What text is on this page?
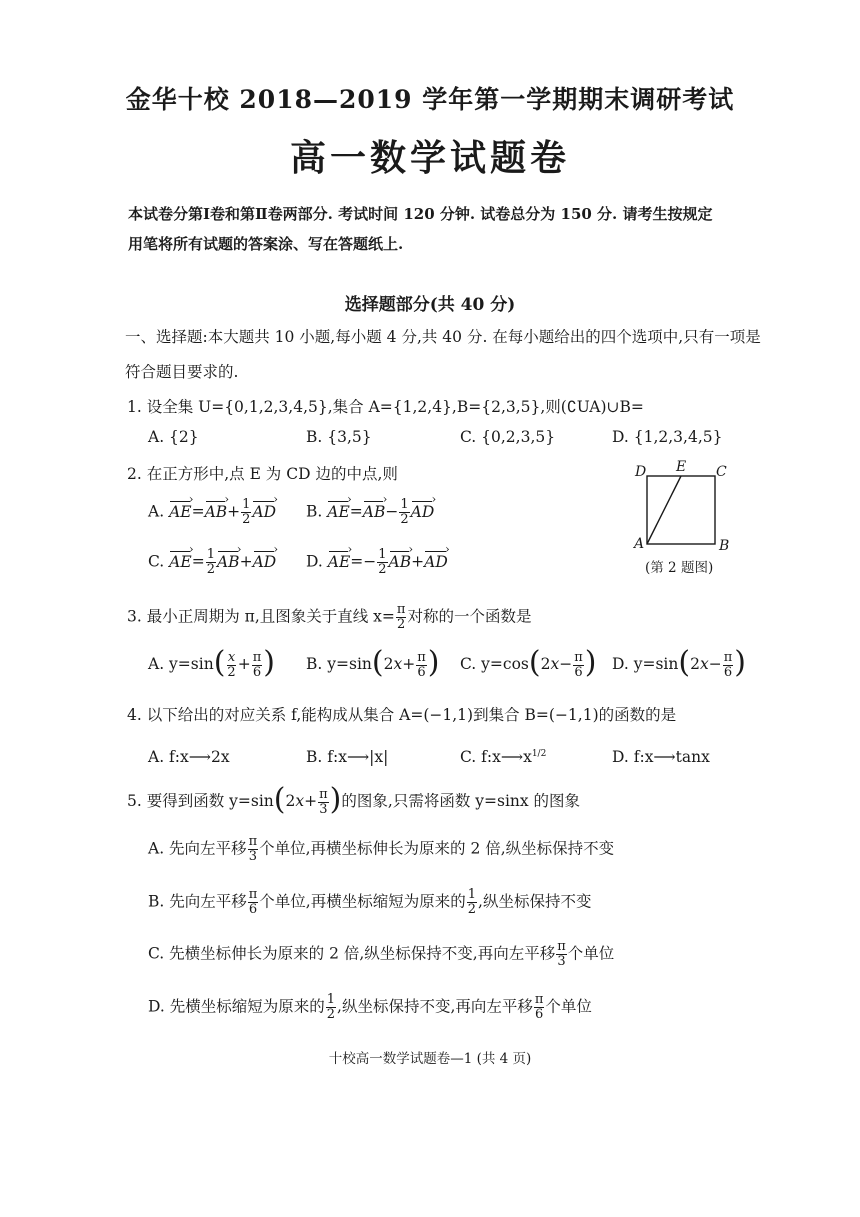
金华十校 2018—2019 学年第一学期期末调研考试
高一数学试题卷
本试卷分第Ⅰ卷和第Ⅱ卷两部分. 考试时间 120 分钟. 试卷总分为 150 分. 请考生按规定
用笔将所有试题的答案涂、写在答题纸上.
选择题部分(共 40 分)
一、选择题:本大题共 10 小题,每小题 4 分,共 40 分. 在每小题给出的四个选项中,只有一项是
符合题目要求的.
1. 设全集 U={0,1,2,3,4,5},集合 A={1,2,4},B={2,3,5},则(∁UA)∪B=
A. {2}	B. {3,5}	C. {0,2,3,5}	D. {1,2,3,4,5}
2. 在正方形中,点 E 为 CD 边的中点,则
A. AE ›=AB ›+ $\frac{1}{2}$ AD › B. AE ›=AB ›− $\frac{1}{2}$ AD ›
C. AE ›= $\frac{1}{2}$ AB ›+AD › D. AE ›=− $\frac{1}{2}$ AB ›+AD ›
D E C
A	B
(第 2 题图)
3. 最小正周期为 π,且图象关于直线 $x= \frac{\pi}{2}$ 对称的一个函数是
A. $y=\sin( \frac{x}{2} + \frac{\pi}{6}$ ) B. $y=\sin(2x+ \frac{\pi}{6}$ ) C. $y=\cos(2x- \frac{\pi}{6}$ ) D. $y=\sin(2x- \frac{\pi}{6}$ )
4. 以下给出的对应关系 f,能构成从集合 A=(−1,1)到集合 B=(−1,1)的函数的是
A. f:x⟶2x	B. f:x⟶|x|	C. $f:x⟶x^{1/2}$	D. f:x⟶tanx
5. 要得到函数 $y=\sin(2x+ \frac{\pi}{3}$ )的图象,只需将函数 y=sinx 的图象
A. 先向左平移 $\frac{\pi}{3}$ 个单位,再横坐标伸长为原来的 2 倍,纵坐标保持不变
B. 先向左平移 $\frac{\pi}{6}$ 个单位,再横坐标缩短为原来的 $\frac{1}{2}$ ,纵坐标保持不变
C. 先横坐标伸长为原来的 2 倍,纵坐标保持不变,再向左平移 $\frac{\pi}{3}$ 个单位
D. 先横坐标缩短为原来的 $\frac{1}{2}$ ,纵坐标保持不变,再向左平移 $\frac{\pi}{6}$ 个单位
十校高一数学试题卷—1 (共 4 页)
